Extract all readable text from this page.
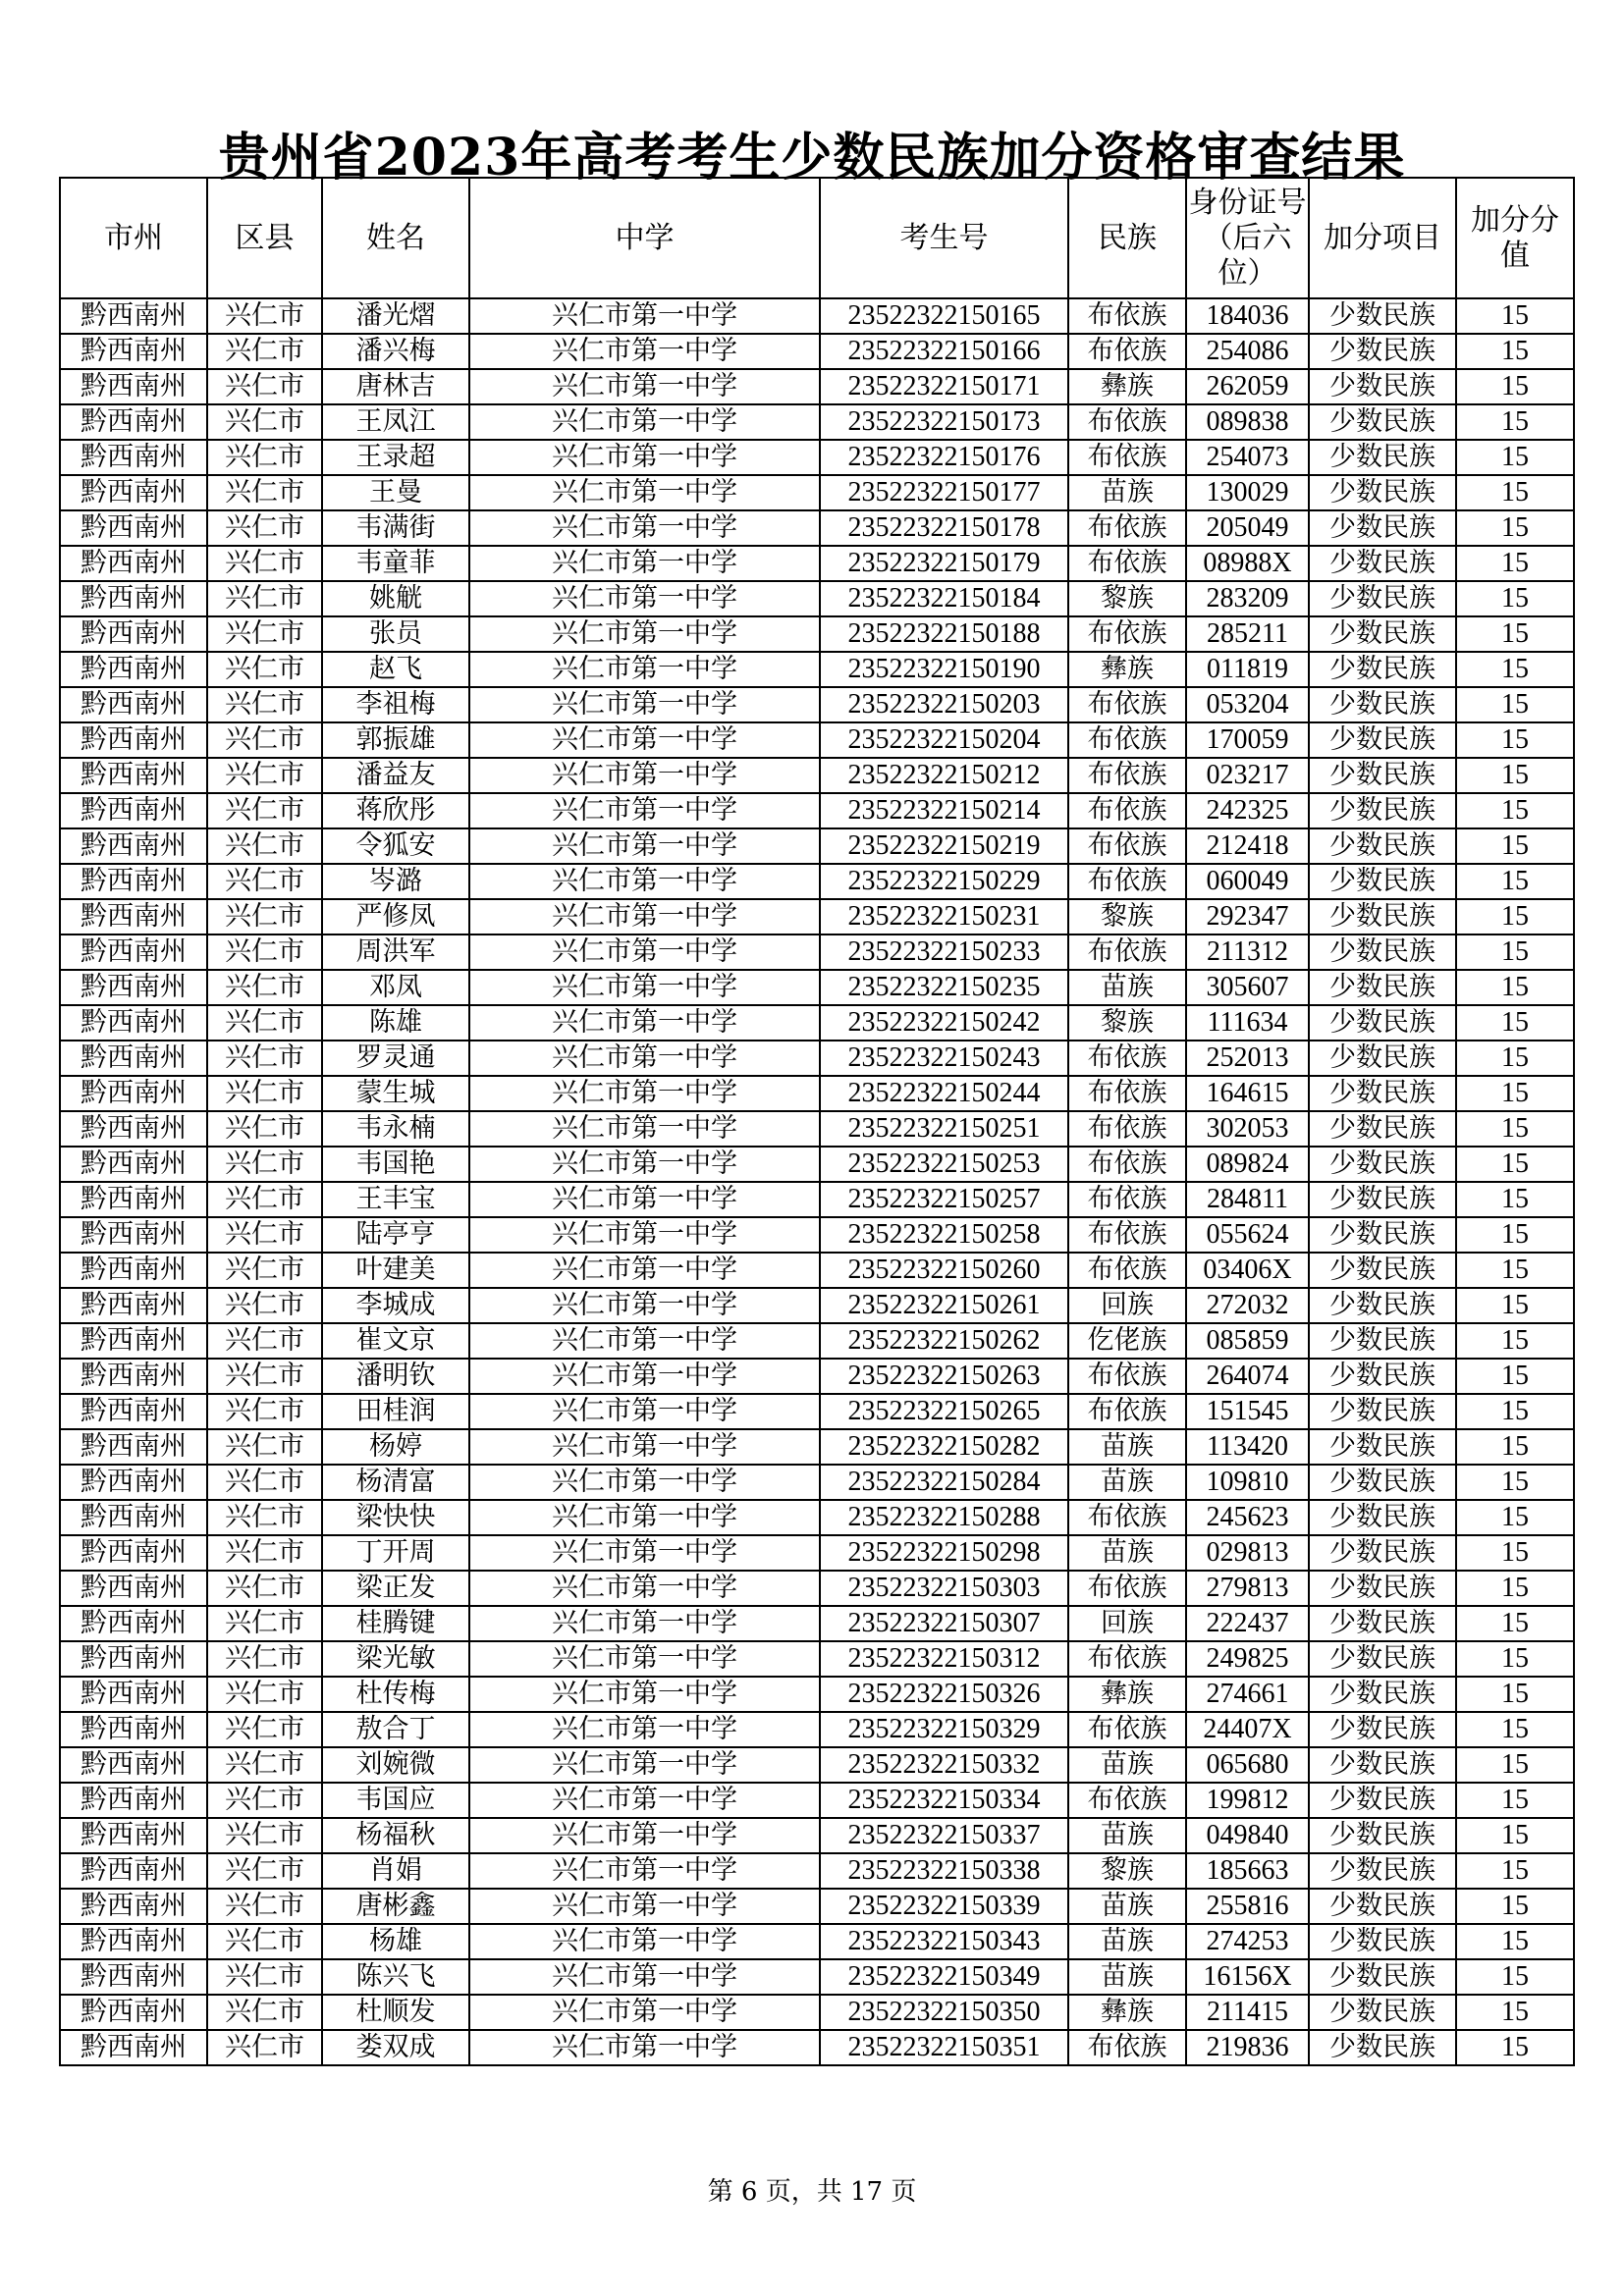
贵州省2023年高考考生少数民族加分资格审查结果
市州	区县	姓名	中学	考生号	民族	身份证号（后六位）	加分项目	加分分值
黔西南州	兴仁市	潘光熠	兴仁市第一中学	23522322150165	布依族	184036	少数民族	15
黔西南州	兴仁市	潘兴梅	兴仁市第一中学	23522322150166	布依族	254086	少数民族	15
黔西南州	兴仁市	唐林吉	兴仁市第一中学	23522322150171	彝族	262059	少数民族	15
黔西南州	兴仁市	王凤江	兴仁市第一中学	23522322150173	布依族	089838	少数民族	15
黔西南州	兴仁市	王录超	兴仁市第一中学	23522322150176	布依族	254073	少数民族	15
黔西南州	兴仁市	王曼	兴仁市第一中学	23522322150177	苗族	130029	少数民族	15
黔西南州	兴仁市	韦满街	兴仁市第一中学	23522322150178	布依族	205049	少数民族	15
黔西南州	兴仁市	韦童菲	兴仁市第一中学	23522322150179	布依族	08988X	少数民族	15
黔西南州	兴仁市	姚觥	兴仁市第一中学	23522322150184	黎族	283209	少数民族	15
黔西南州	兴仁市	张员	兴仁市第一中学	23522322150188	布依族	285211	少数民族	15
黔西南州	兴仁市	赵飞	兴仁市第一中学	23522322150190	彝族	011819	少数民族	15
黔西南州	兴仁市	李祖梅	兴仁市第一中学	23522322150203	布依族	053204	少数民族	15
黔西南州	兴仁市	郭振雄	兴仁市第一中学	23522322150204	布依族	170059	少数民族	15
黔西南州	兴仁市	潘益友	兴仁市第一中学	23522322150212	布依族	023217	少数民族	15
黔西南州	兴仁市	蒋欣彤	兴仁市第一中学	23522322150214	布依族	242325	少数民族	15
黔西南州	兴仁市	令狐安	兴仁市第一中学	23522322150219	布依族	212418	少数民族	15
黔西南州	兴仁市	岑潞	兴仁市第一中学	23522322150229	布依族	060049	少数民族	15
黔西南州	兴仁市	严修凤	兴仁市第一中学	23522322150231	黎族	292347	少数民族	15
黔西南州	兴仁市	周洪军	兴仁市第一中学	23522322150233	布依族	211312	少数民族	15
黔西南州	兴仁市	邓凤	兴仁市第一中学	23522322150235	苗族	305607	少数民族	15
黔西南州	兴仁市	陈雄	兴仁市第一中学	23522322150242	黎族	111634	少数民族	15
黔西南州	兴仁市	罗灵通	兴仁市第一中学	23522322150243	布依族	252013	少数民族	15
黔西南州	兴仁市	蒙生城	兴仁市第一中学	23522322150244	布依族	164615	少数民族	15
黔西南州	兴仁市	韦永楠	兴仁市第一中学	23522322150251	布依族	302053	少数民族	15
黔西南州	兴仁市	韦国艳	兴仁市第一中学	23522322150253	布依族	089824	少数民族	15
黔西南州	兴仁市	王丰宝	兴仁市第一中学	23522322150257	布依族	284811	少数民族	15
黔西南州	兴仁市	陆亭亨	兴仁市第一中学	23522322150258	布依族	055624	少数民族	15
黔西南州	兴仁市	叶建美	兴仁市第一中学	23522322150260	布依族	03406X	少数民族	15
黔西南州	兴仁市	李城成	兴仁市第一中学	23522322150261	回族	272032	少数民族	15
黔西南州	兴仁市	崔文京	兴仁市第一中学	23522322150262	仡佬族	085859	少数民族	15
黔西南州	兴仁市	潘明钦	兴仁市第一中学	23522322150263	布依族	264074	少数民族	15
黔西南州	兴仁市	田桂润	兴仁市第一中学	23522322150265	布依族	151545	少数民族	15
黔西南州	兴仁市	杨婷	兴仁市第一中学	23522322150282	苗族	113420	少数民族	15
黔西南州	兴仁市	杨清富	兴仁市第一中学	23522322150284	苗族	109810	少数民族	15
黔西南州	兴仁市	梁快快	兴仁市第一中学	23522322150288	布依族	245623	少数民族	15
黔西南州	兴仁市	丁开周	兴仁市第一中学	23522322150298	苗族	029813	少数民族	15
黔西南州	兴仁市	梁正发	兴仁市第一中学	23522322150303	布依族	279813	少数民族	15
黔西南州	兴仁市	桂腾键	兴仁市第一中学	23522322150307	回族	222437	少数民族	15
黔西南州	兴仁市	梁光敏	兴仁市第一中学	23522322150312	布依族	249825	少数民族	15
黔西南州	兴仁市	杜传梅	兴仁市第一中学	23522322150326	彝族	274661	少数民族	15
黔西南州	兴仁市	敖合丁	兴仁市第一中学	23522322150329	布依族	24407X	少数民族	15
黔西南州	兴仁市	刘婉微	兴仁市第一中学	23522322150332	苗族	065680	少数民族	15
黔西南州	兴仁市	韦国应	兴仁市第一中学	23522322150334	布依族	199812	少数民族	15
黔西南州	兴仁市	杨福秋	兴仁市第一中学	23522322150337	苗族	049840	少数民族	15
黔西南州	兴仁市	肖娟	兴仁市第一中学	23522322150338	黎族	185663	少数民族	15
黔西南州	兴仁市	唐彬鑫	兴仁市第一中学	23522322150339	苗族	255816	少数民族	15
黔西南州	兴仁市	杨雄	兴仁市第一中学	23522322150343	苗族	274253	少数民族	15
黔西南州	兴仁市	陈兴飞	兴仁市第一中学	23522322150349	苗族	16156X	少数民族	15
黔西南州	兴仁市	杜顺发	兴仁市第一中学	23522322150350	彝族	211415	少数民族	15
黔西南州	兴仁市	娄双成	兴仁市第一中学	23522322150351	布依族	219836	少数民族	15
第 6 页，共 17 页
